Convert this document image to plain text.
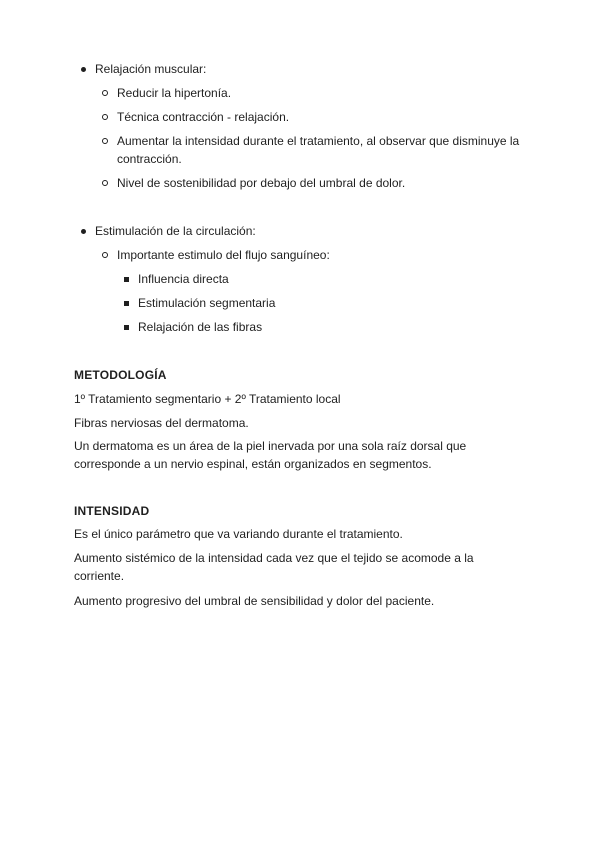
Relajación muscular:
Reducir la hipertonía.
Técnica contracción - relajación.
Aumentar la intensidad durante el tratamiento, al observar que disminuye la contracción.
Nivel de sostenibilidad por debajo del umbral de dolor.
Estimulación de la circulación:
Importante estimulo del flujo sanguíneo:
Influencia directa
Estimulación segmentaria
Relajación de las fibras
METODOLOGÍA
1º Tratamiento segmentario + 2º Tratamiento local
Fibras nerviosas del dermatoma.
Un dermatoma es un área de la piel inervada por una sola raíz dorsal que corresponde a un nervio espinal, están organizados en segmentos.
INTENSIDAD
Es el único parámetro que va variando durante el tratamiento.
Aumento sistémico de la intensidad cada vez que el tejido se acomode a la corriente.
Aumento progresivo del umbral de sensibilidad y dolor del paciente.
